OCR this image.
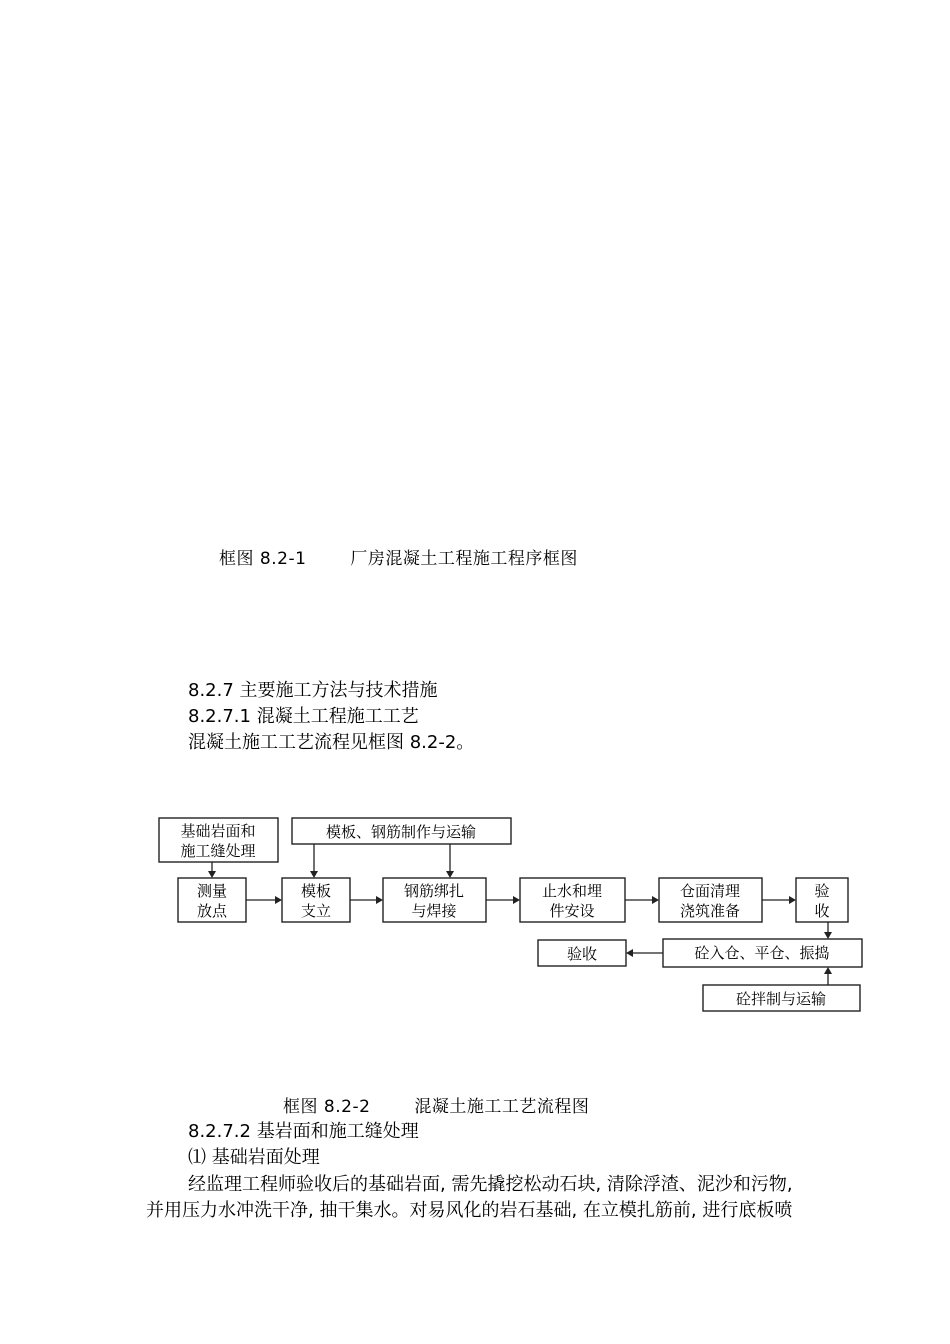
框图 8.2-1	厂房混凝土工程施工程序框图
8.2.7 主要施工方法与技术措施
8.2.7.1 混凝土工程施工工艺
混凝土施工工艺流程见框图 8.2-2。
基础岩面和
施工缝处理
模板、钢筋制作与运输
测量
放点
模板
支立
钢筋绑扎
与焊接
止水和埋
件安设
仓面清理
浇筑准备
验
收
砼入仓、平仓、振捣
验收
砼拌制与运输
框图 8.2-2	混凝土施工工艺流程图
8.2.7.2 基岩面和施工缝处理
⑴ 基础岩面处理
经监理工程师验收后的基础岩面, 需先撬挖松动石块, 清除浮渣、泥沙和污物,
并用压力水冲洗干净, 抽干集水。对易风化的岩石基础, 在立模扎筋前, 进行底板喷
